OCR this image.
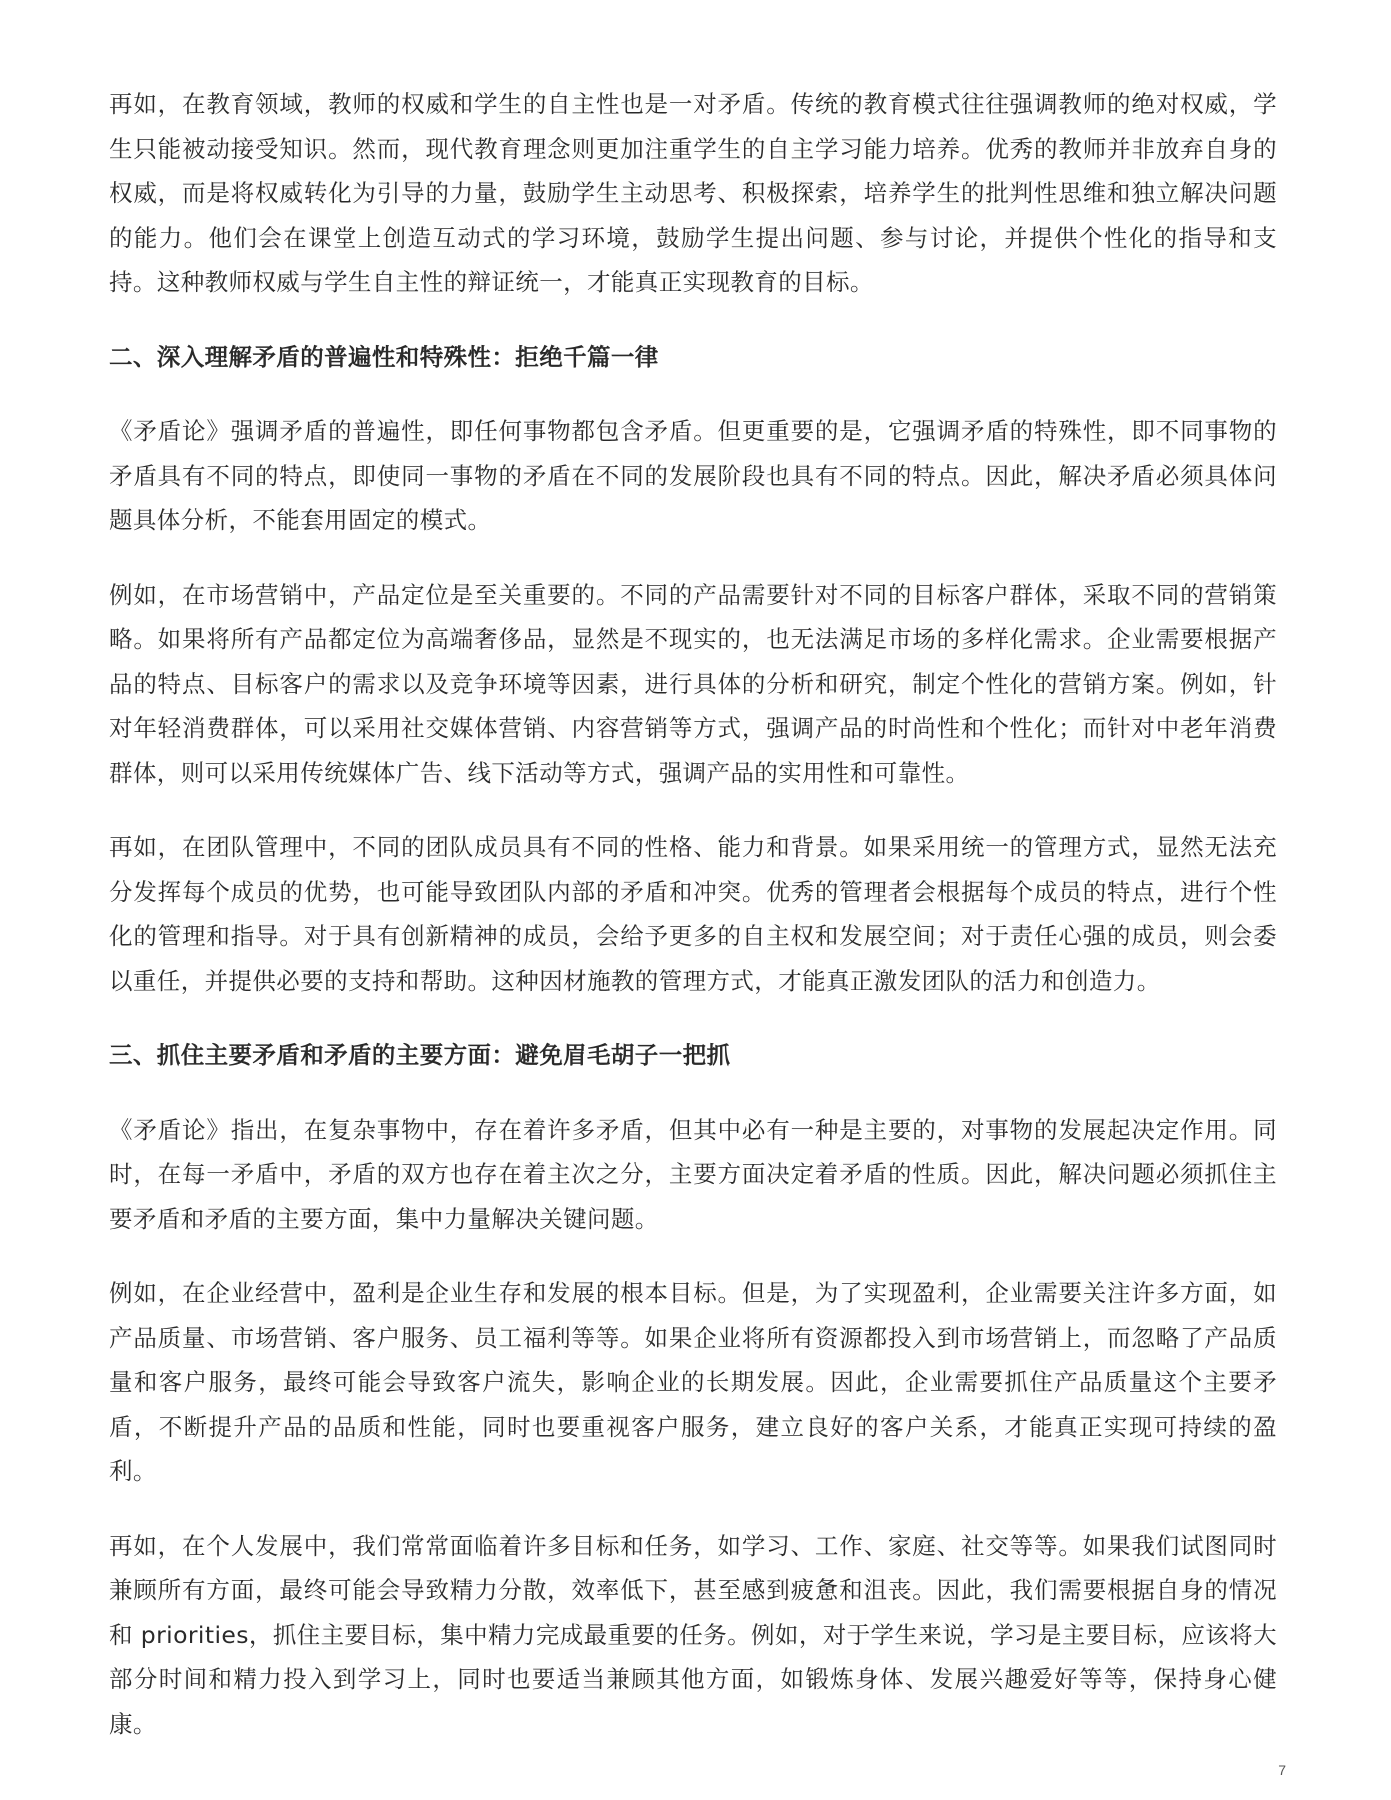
再如，在教育领域，教师的权威和学生的自主性也是一对矛盾。传统的教育模式往往强调教师的绝对权威，学生只能被动接受知识。然而，现代教育理念则更加注重学生的自主学习能力培养。优秀的教师并非放弃自身的权威，而是将权威转化为引导的力量，鼓励学生主动思考、积极探索，培养学生的批判性思维和独立解决问题的能力。他们会在课堂上创造互动式的学习环境，鼓励学生提出问题、参与讨论，并提供个性化的指导和支持。这种教师权威与学生自主性的辩证统一，才能真正实现教育的目标。

二、深入理解矛盾的普遍性和特殊性：拒绝千篇一律

《矛盾论》强调矛盾的普遍性，即任何事物都包含矛盾。但更重要的是，它强调矛盾的特殊性，即不同事物的矛盾具有不同的特点，即使同一事物的矛盾在不同的发展阶段也具有不同的特点。因此，解决矛盾必须具体问题具体分析，不能套用固定的模式。

例如，在市场营销中，产品定位是至关重要的。不同的产品需要针对不同的目标客户群体，采取不同的营销策略。如果将所有产品都定位为高端奢侈品，显然是不现实的，也无法满足市场的多样化需求。企业需要根据产品的特点、目标客户的需求以及竞争环境等因素，进行具体的分析和研究，制定个性化的营销方案。例如，针对年轻消费群体，可以采用社交媒体营销、内容营销等方式，强调产品的时尚性和个性化；而针对中老年消费群体，则可以采用传统媒体广告、线下活动等方式，强调产品的实用性和可靠性。

再如，在团队管理中，不同的团队成员具有不同的性格、能力和背景。如果采用统一的管理方式，显然无法充分发挥每个成员的优势，也可能导致团队内部的矛盾和冲突。优秀的管理者会根据每个成员的特点，进行个性化的管理和指导。对于具有创新精神的成员，会给予更多的自主权和发展空间；对于责任心强的成员，则会委以重任，并提供必要的支持和帮助。这种因材施教的管理方式，才能真正激发团队的活力和创造力。

三、抓住主要矛盾和矛盾的主要方面：避免眉毛胡子一把抓

《矛盾论》指出，在复杂事物中，存在着许多矛盾，但其中必有一种是主要的，对事物的发展起决定作用。同时，在每一矛盾中，矛盾的双方也存在着主次之分，主要方面决定着矛盾的性质。因此，解决问题必须抓住主要矛盾和矛盾的主要方面，集中力量解决关键问题。

例如，在企业经营中，盈利是企业生存和发展的根本目标。但是，为了实现盈利，企业需要关注许多方面，如产品质量、市场营销、客户服务、员工福利等等。如果企业将所有资源都投入到市场营销上，而忽略了产品质量和客户服务，最终可能会导致客户流失，影响企业的长期发展。因此，企业需要抓住产品质量这个主要矛盾，不断提升产品的品质和性能，同时也要重视客户服务，建立良好的客户关系，才能真正实现可持续的盈利。

再如，在个人发展中，我们常常面临着许多目标和任务，如学习、工作、家庭、社交等等。如果我们试图同时兼顾所有方面，最终可能会导致精力分散，效率低下，甚至感到疲惫和沮丧。因此，我们需要根据自身的情况和 priorities，抓住主要目标，集中精力完成最重要的任务。例如，对于学生来说，学习是主要目标，应该将大部分时间和精力投入到学习上，同时也要适当兼顾其他方面，如锻炼身体、发展兴趣爱好等等，保持身心健康。

7
